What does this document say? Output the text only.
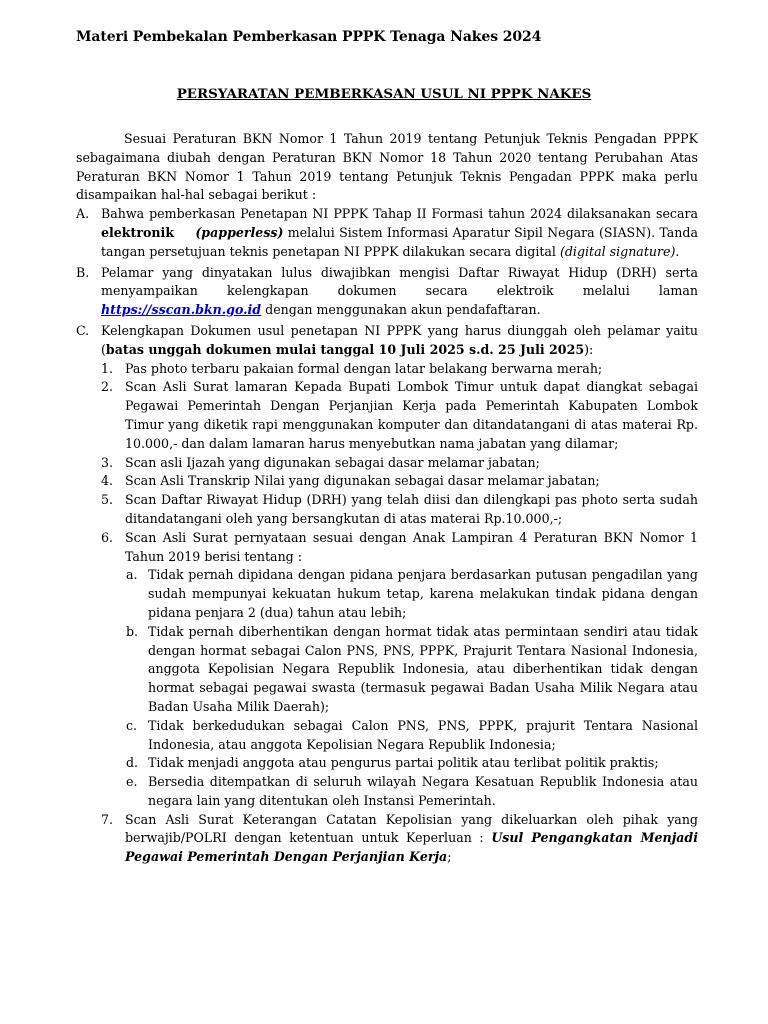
Materi Pembekalan Pemberkasan PPPK Tenaga Nakes 2024
PERSYARATAN PEMBERKASAN USUL NI PPPK NAKES

Sesuai Peraturan BKN Nomor 1 Tahun 2019 tentang Petunjuk Teknis Pengadan PPPK sebagaimana diubah dengan Peraturan BKN Nomor 18 Tahun 2020 tentang Perubahan Atas Peraturan BKN Nomor 1 Tahun 2019 tentang Petunjuk Teknis Pengadan PPPK maka perlu disampaikan hal-hal sebagai berikut :

A. Bahwa pemberkasan Penetapan NI PPPK Tahap II Formasi tahun 2024 dilaksanakan secara elektronik (papperless) melalui Sistem Informasi Aparatur Sipil Negara (SIASN). Tanda tangan persetujuan teknis penetapan NI PPPK dilakukan secara digital (digital signature).
B. Pelamar yang dinyatakan lulus diwajibkan mengisi Daftar Riwayat Hidup (DRH) serta menyampaikan kelengkapan dokumen secara elektroik melalui laman https://sscan.bkn.go.id dengan menggunakan akun pendafaftaran.
C. Kelengkapan Dokumen usul penetapan NI PPPK yang harus diunggah oleh pelamar yaitu (batas unggah dokumen mulai tanggal 10 Juli 2025 s.d. 25 Juli 2025):
1. Pas photo terbaru pakaian formal dengan latar belakang berwarna merah;
2. Scan Asli Surat lamaran Kepada Bupati Lombok Timur untuk dapat diangkat sebagai Pegawai Pemerintah Dengan Perjanjian Kerja pada Pemerintah Kabupaten Lombok Timur yang diketik rapi menggunakan komputer dan ditandatangani di atas materai Rp. 10.000,- dan dalam lamaran harus menyebutkan nama jabatan yang dilamar;
3. Scan asli Ijazah yang digunakan sebagai dasar melamar jabatan;
4. Scan Asli Transkrip Nilai yang digunakan sebagai dasar melamar jabatan;
5. Scan Daftar Riwayat Hidup (DRH) yang telah diisi dan dilengkapi pas photo serta sudah ditandatangani oleh yang bersangkutan di atas materai Rp.10.000,-;
6. Scan Asli Surat pernyataan sesuai dengan Anak Lampiran 4 Peraturan BKN Nomor 1 Tahun 2019 berisi tentang :
a. Tidak pernah dipidana dengan pidana penjara berdasarkan putusan pengadilan yang sudah mempunyai kekuatan hukum tetap, karena melakukan tindak pidana dengan pidana penjara 2 (dua) tahun atau lebih;
b. Tidak pernah diberhentikan dengan hormat tidak atas permintaan sendiri atau tidak dengan hormat sebagai Calon PNS, PNS, PPPK, Prajurit Tentara Nasional Indonesia, anggota Kepolisian Negara Republik Indonesia, atau diberhentikan tidak dengan hormat sebagai pegawai swasta (termasuk pegawai Badan Usaha Milik Negara atau Badan Usaha Milik Daerah);
c. Tidak berkedudukan sebagai Calon PNS, PNS, PPPK, prajurit Tentara Nasional Indonesia, atau anggota Kepolisian Negara Republik Indonesia;
d. Tidak menjadi anggota atau pengurus partai politik atau terlibat politik praktis;
e. Bersedia ditempatkan di seluruh wilayah Negara Kesatuan Republik Indonesia atau negara lain yang ditentukan oleh Instansi Pemerintah.
7. Scan Asli Surat Keterangan Catatan Kepolisian yang dikeluarkan oleh pihak yang berwajib/POLRI dengan ketentuan untuk Keperluan : Usul Pengangkatan Menjadi Pegawai Pemerintah Dengan Perjanjian Kerja;
